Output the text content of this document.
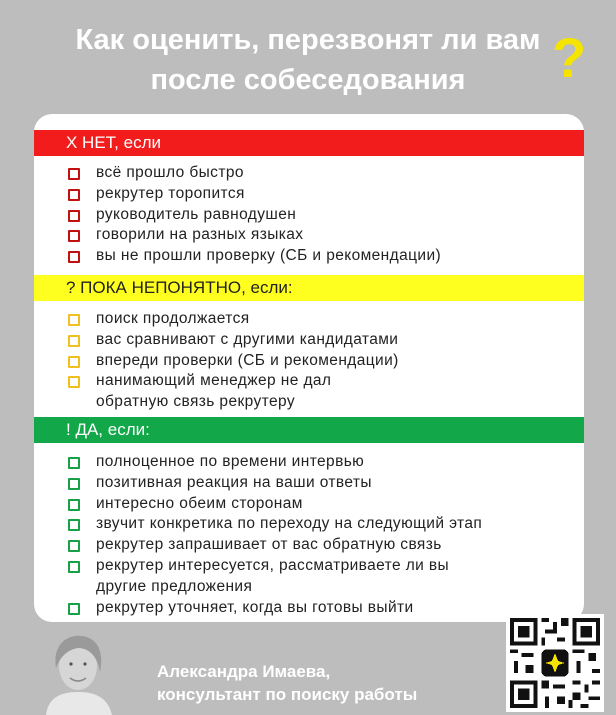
Как оценить, перезвонят ли вам
после собеседования	?
X НЕТ, если
всё прошло быстро
рекрутер торопится
руководитель равнодушен
говорили на разных языках
вы не прошли проверку (СБ и рекомендации)
? ПОКА НЕПОНЯТНО, если:
поиск продолжается
вас сравнивают с другими кандидатами
впереди проверки (СБ и рекомендации)
нанимающий менеджер не дал
обратную связь рекрутеру
! ДА, если:
полноценное по времени интервью
позитивная реакция на ваши ответы
интересно обеим сторонам
звучит конкретика по переходу на следующий этап
рекрутер запрашивает от вас обратную связь
рекрутер интересуется, рассматриваете ли вы
другие предложения
рекрутер уточняет, когда вы готовы выйти
Александра Имаева,
консультант по поиску работы
